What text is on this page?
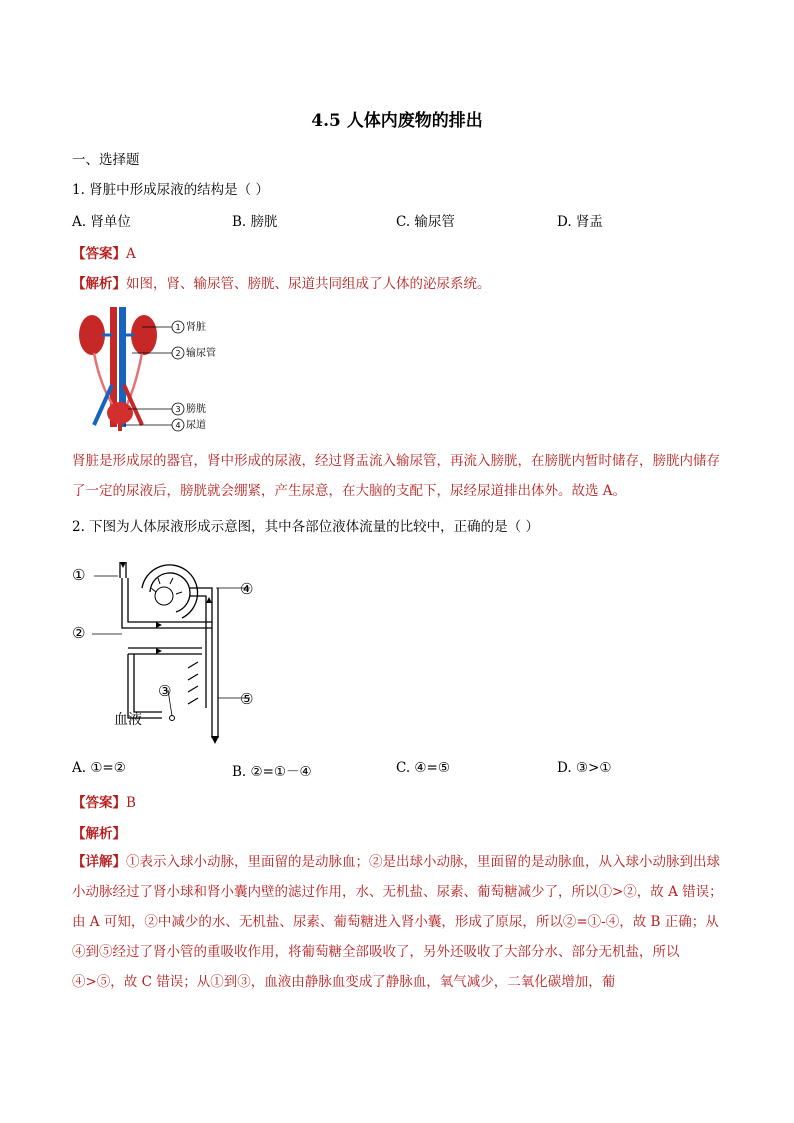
4.5 人体内废物的排出
一、选择题
1. 肾脏中形成尿液的结构是（ ）
A. 肾单位	B. 膀胱	C. 输尿管	D. 肾盂
【答案】A
【解析】如图，肾、输尿管、膀胱、尿道共同组成了人体的泌尿系统。
1
2
3
4
肾脏
输尿管
膀胱
尿道
肾脏是形成尿的器官，肾中形成的尿液，经过肾盂流入输尿管，再流入膀胱，在膀胱内暂时储存，膀胱内储存了一定的尿液后，膀胱就会绷紧，产生尿意，在大脑的支配下，尿经尿道排出体外。故选 A。
2. 下图为人体尿液形成示意图，其中各部位液体流量的比较中，正确的是（ ）
①
②
③
④
⑤
血液
A. ①=②	B. ②=①－④	C. ④=⑤	D. ③>①
【答案】B
【解析】
【详解】①表示入球小动脉，里面留的是动脉血；②是出球小动脉，里面留的是动脉血，从入球小动脉到出球小动脉经过了肾小球和肾小囊内壁的滤过作用，水、无机盐、尿素、葡萄糖减少了，所以①>②，故 A 错误；由 A 可知，②中减少的水、无机盐、尿素、葡萄糖进入肾小囊，形成了原尿，所以②=①-④，故 B 正确；从④到⑤经过了肾小管的重吸收作用，将葡萄糖全部吸收了，另外还吸收了大部分水、部分无机盐，所以④>⑤，故 C 错误；从①到③，血液由静脉血变成了静脉血，氧气减少，二氧化碳增加，葡
